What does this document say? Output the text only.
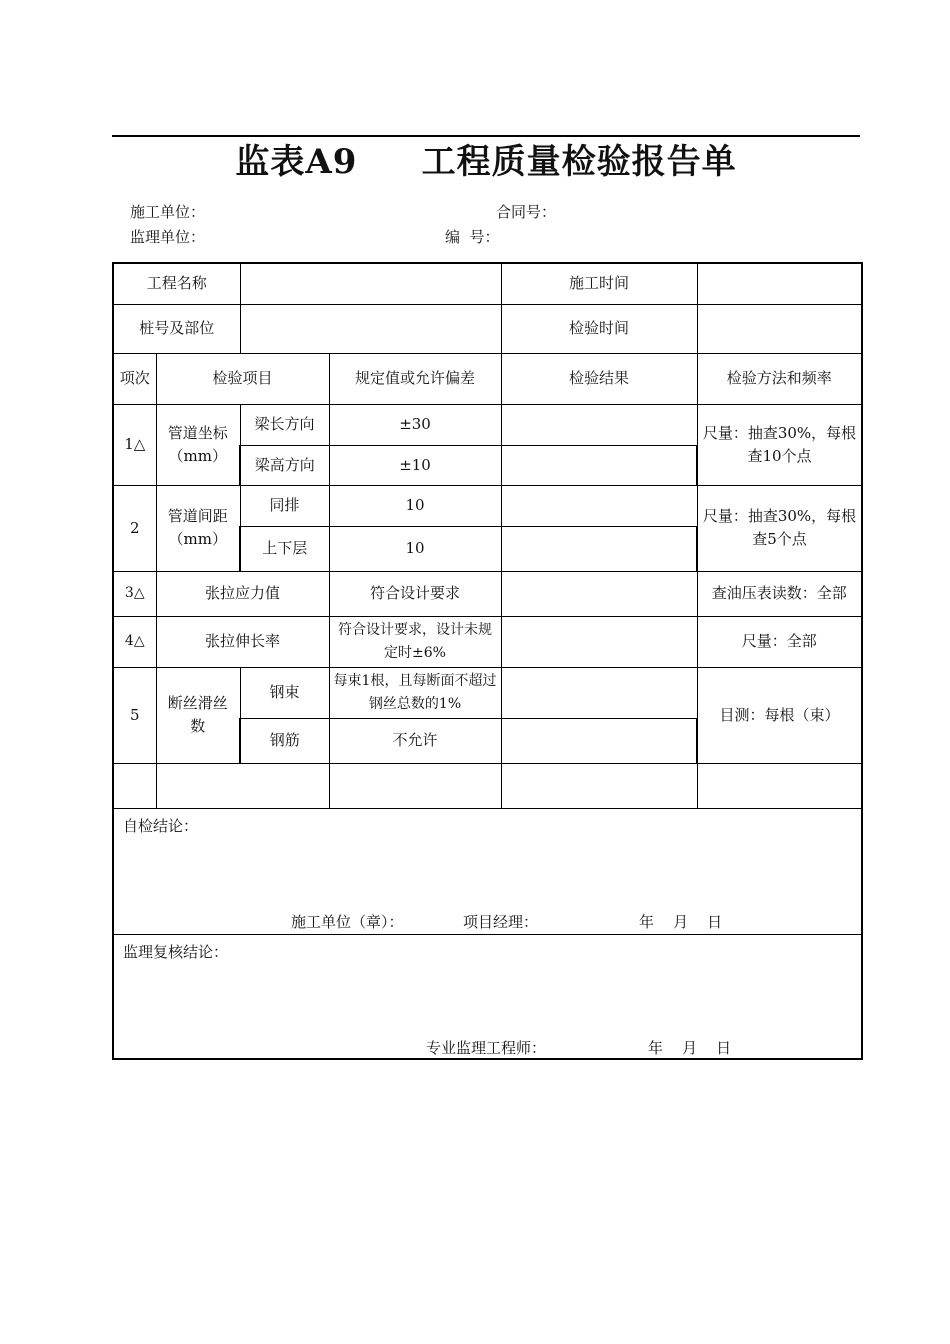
监表A9     工程质量检验报告单
施工单位：	合同号：
监理单位：	编  号：
工程名称				施工时间	
桩号及部位				检验时间	
项次	检验项目		规定值或允许偏差	检验结果	检验方法和频率
1△	管道坐标（mm）	梁长方向	±30		尺量：抽查30%，每根查10个点
		梁高方向	±10		
2	管道间距（mm）	同排	10		尺量：抽查30%，每根查5个点
		上下层	10		
3△	张拉应力值		符合设计要求		查油压表读数：全部
4△	张拉伸长率		符合设计要求，设计未规定时±6%		尺量：全部
5	断丝滑丝数	钢束	每束1根，且每断面不超过钢丝总数的1%		目测：每根（束）
		钢筋	不允许		

自检结论：
施工单位（章）： 项目经理： 年    月    日					

监理复核结论：
专业监理工程师： 年    月    日					
